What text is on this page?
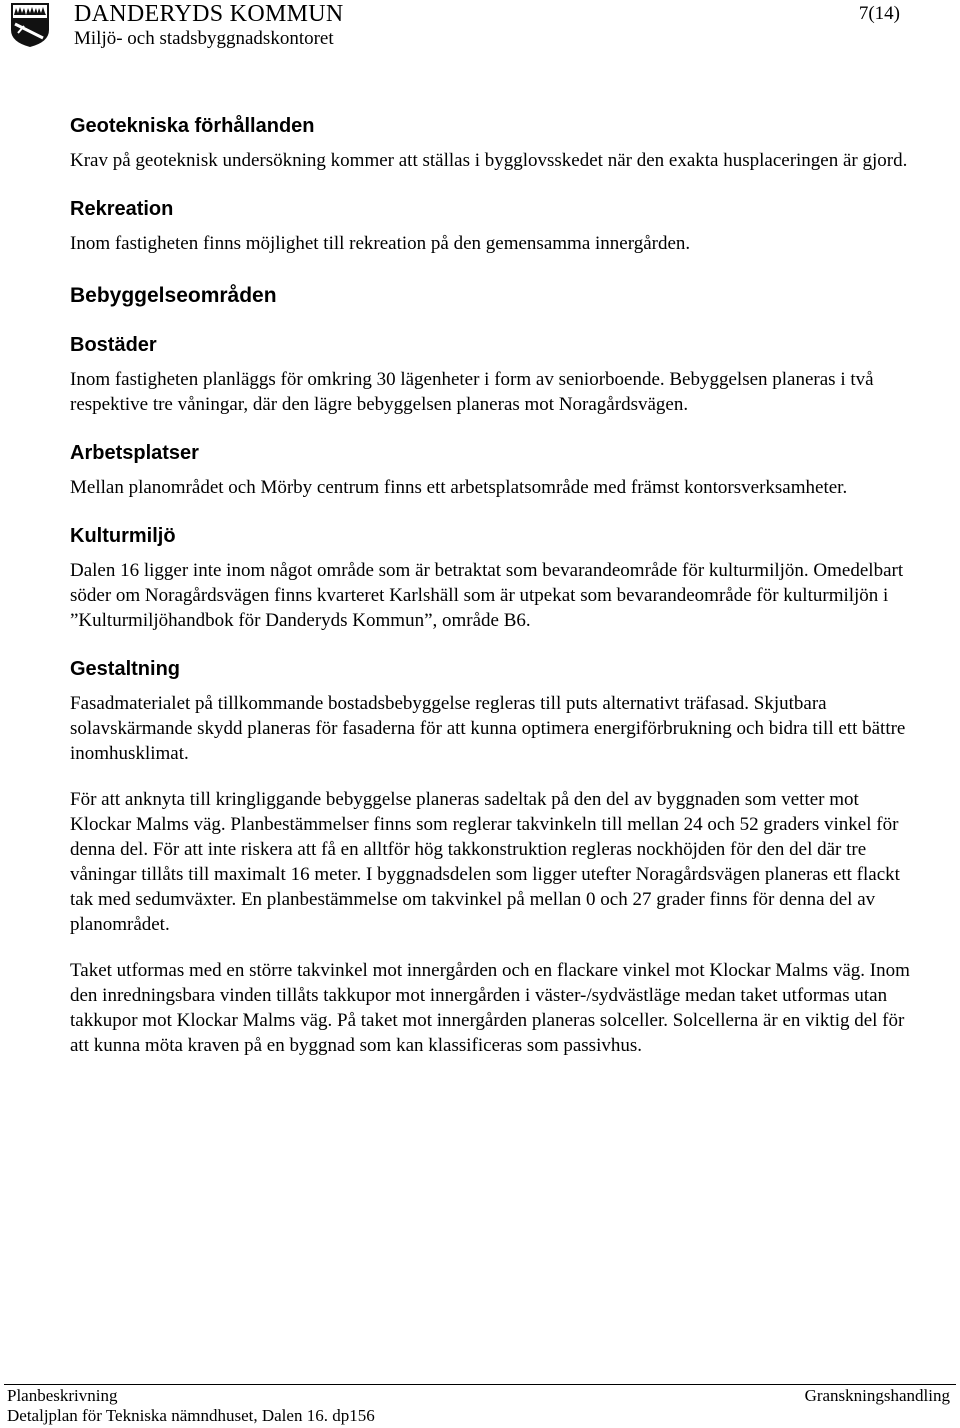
DANDERYDS KOMMUN
Miljö- och stadsbyggnadskontoret
7(14)
Geotekniska förhållanden

Krav på geoteknisk undersökning kommer att ställas i bygglovsskedet när den exakta husplaceringen är gjord.

Rekreation

Inom fastigheten finns möjlighet till rekreation på den gemensamma innergården.

Bebyggelseområden
Bostäder

Inom fastigheten planläggs för omkring 30 lägenheter i form av seniorboende. Bebyggelsen planeras i två respektive tre våningar, där den lägre bebyggelsen planeras mot Noragårdsvägen.

Arbetsplatser

Mellan planområdet och Mörby centrum finns ett arbetsplatsområde med främst kontorsverksamheter.

Kulturmiljö

Dalen 16 ligger inte inom något område som är betraktat som bevarandeområde för kulturmiljön. Omedelbart söder om Noragårdsvägen finns kvarteret Karlshäll som är utpekat som bevarandeområde för kulturmiljön i ”Kulturmiljöhandbok för Danderyds Kommun”, område B6.

Gestaltning

Fasadmaterialet på tillkommande bostadsbebyggelse regleras till puts alternativt träfasad. Skjutbara solavskärmande skydd planeras för fasaderna för att kunna optimera energiförbrukning och bidra till ett bättre inomhusklimat.

För att anknyta till kringliggande bebyggelse planeras sadeltak på den del av byggnaden som vetter mot Klockar Malms väg. Planbestämmelser finns som reglerar takvinkeln till mellan 24 och 52 graders vinkel för denna del. För att inte riskera att få en alltför hög takkonstruktion regleras nockhöjden för den del där tre våningar tillåts till maximalt 16 meter. I byggnadsdelen som ligger utefter Noragårdsvägen planeras ett flackt tak med sedumväxter. En planbestämmelse om takvinkel på mellan 0 och 27 grader finns för denna del av planområdet.

Taket utformas med en större takvinkel mot innergården och en flackare vinkel mot Klockar Malms väg. Inom den inredningsbara vinden tillåts takkupor mot innergården i väster-/sydvästläge medan taket utformas utan takkupor mot Klockar Malms väg. På taket mot innergården planeras solceller. Solcellerna är en viktig del för att kunna möta kraven på en byggnad som kan klassificeras som passivhus.

Planbeskrivning
Detaljplan för Tekniska nämndhuset, Dalen 16. dp156
Granskningshandling
